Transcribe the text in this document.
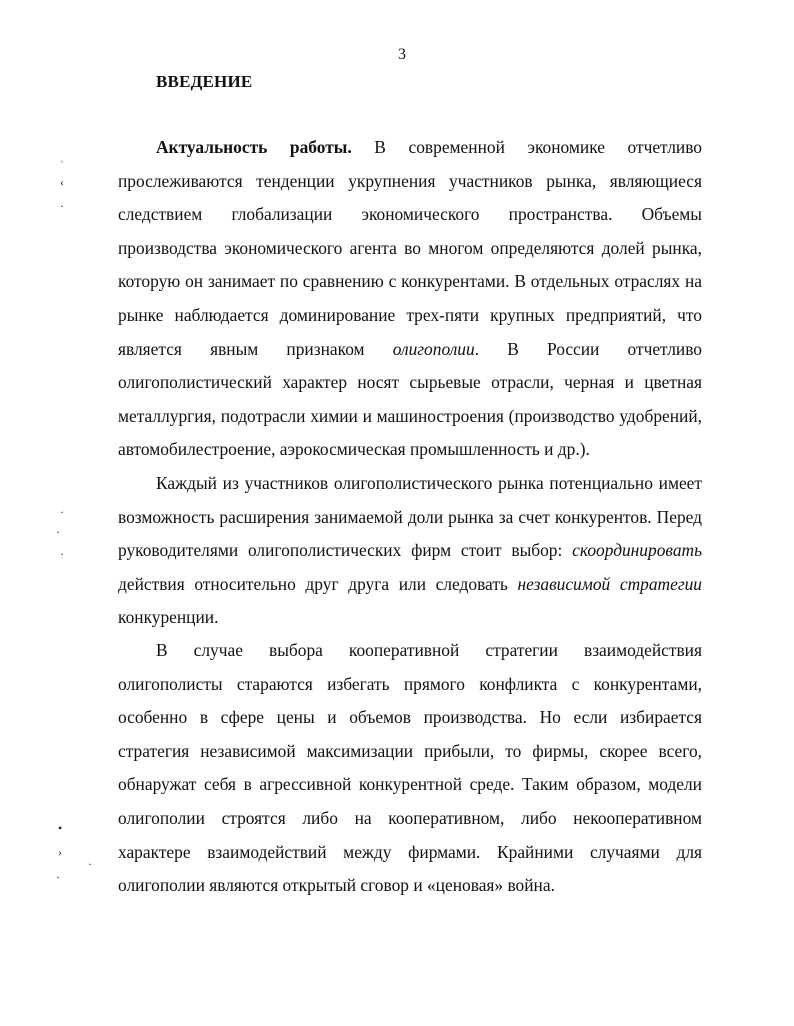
3
ВВЕДЕНИЕ

Актуальность работы. В современной экономике отчетливо прослеживаются тенденции укрупнения участников рынка, являющиеся следствием глобализации экономического пространства. Объемы производства экономического агента во многом определяются долей рынка, которую он занимает по сравнению с конкурентами. В отдельных отраслях на рынке наблюдается доминирование трех-пяти крупных предприятий, что является явным признаком олигополии. В России отчетливо олигополистический характер носят сырьевые отрасли, черная и цветная металлургия, подотрасли химии и машиностроения (производство удобрений, автомобилестроение, аэрокосмическая промышленность и др.).

Каждый из участников олигополистического рынка потенциально имеет возможность расширения занимаемой доли рынка за счет конкурентов. Перед руководителями олигополистических фирм стоит выбор: скоординировать действия относительно друг друга или следовать независимой стратегии конкуренции.

В случае выбора кооперативной стратегии взаимодействия олигополисты стараются избегать прямого конфликта с конкурентами, особенно в сфере цены и объемов производства. Но если избирается стратегия независимой максимизации прибыли, то фирмы, скорее всего, обнаружат себя в агрессивной конкурентной среде. Таким образом, модели олигополии строятся либо на кооперативном, либо некооперативном характере взаимодействий между фирмами. Крайними случаями для олигополии являются открытый сговор и «ценовая» война.

ˌ
‹
·
·
·
·
•
›
·
ˎ
